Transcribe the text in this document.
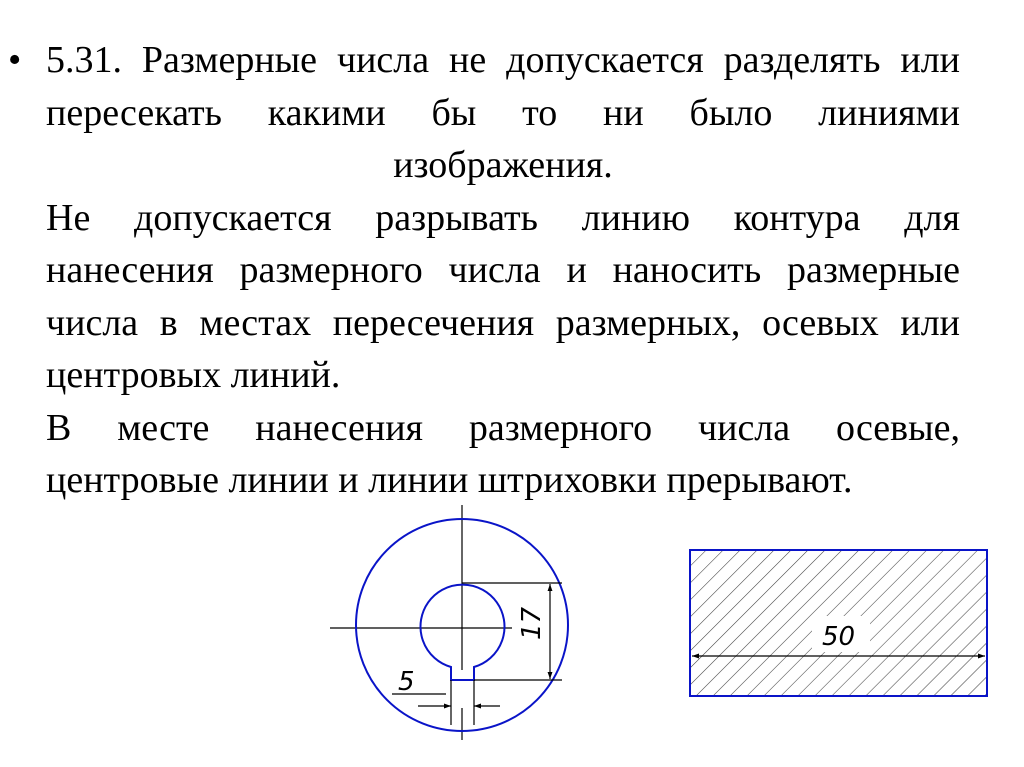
• 5.31. Размерные числа не допускается разделять или пересекать какими бы то ни было линиями изображения.

Не допускается разрывать линию контура для нанесения размерного числа и наносить размерные числа в местах пересечения размерных, осевых или центровых линий.

В месте нанесения размерного числа осевые, центровые линии и линии штриховки прерывают.

5
17	50
